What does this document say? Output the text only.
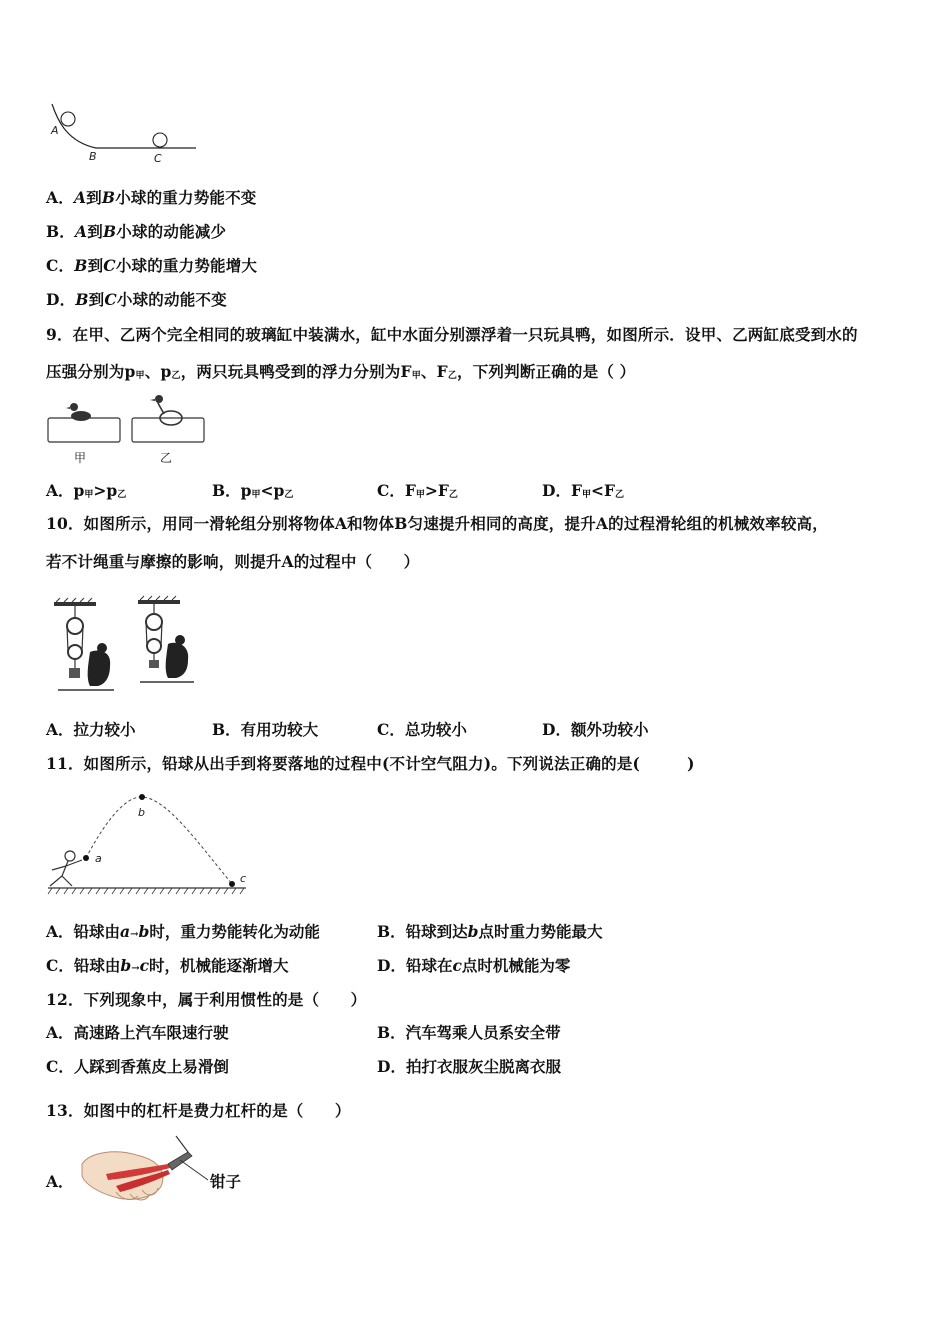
A
B	C
A．A到B小球的重力势能不变
B．A到B小球的动能减少
C．B到C小球的重力势能增大
D．B到C小球的动能不变
9．在甲、乙两个完全相同的玻璃缸中装满水，缸中水面分别漂浮着一只玩具鸭，如图所示．设甲、乙两缸底受到水的
压强分别为p甲、p乙，两只玩具鸭受到的浮力分别为F甲、F乙，下列判断正确的是（ ）
甲	乙
A．p甲>p乙	B．p甲<p乙	C．F甲>F乙	D．F甲<F乙
10．如图所示，用同一滑轮组分别将物体A和物体B匀速提升相同的高度，提升A的过程滑轮组的机械效率较高，
若不计绳重与摩擦的影响，则提升A的过程中（　　）
A．拉力较小	B．有用功较大	C．总功较小	D．额外功较小
11．如图所示，铅球从出手到将要落地的过程中(不计空气阻力)。下列说法正确的是(　　　)
a
b
c
A．铅球由a→b时，重力势能转化为动能	B．铅球到达b点时重力势能最大
C．铅球由b→c时，机械能逐渐增大	D．铅球在c点时机械能为零
12．下列现象中，属于利用惯性的是（　　）
A．高速路上汽车限速行驶	B．汽车驾乘人员系安全带
C．人踩到香蕉皮上易滑倒	D．拍打衣服灰尘脱离衣服
13．如图中的杠杆是费力杠杆的是（　　）
A．	钳子
